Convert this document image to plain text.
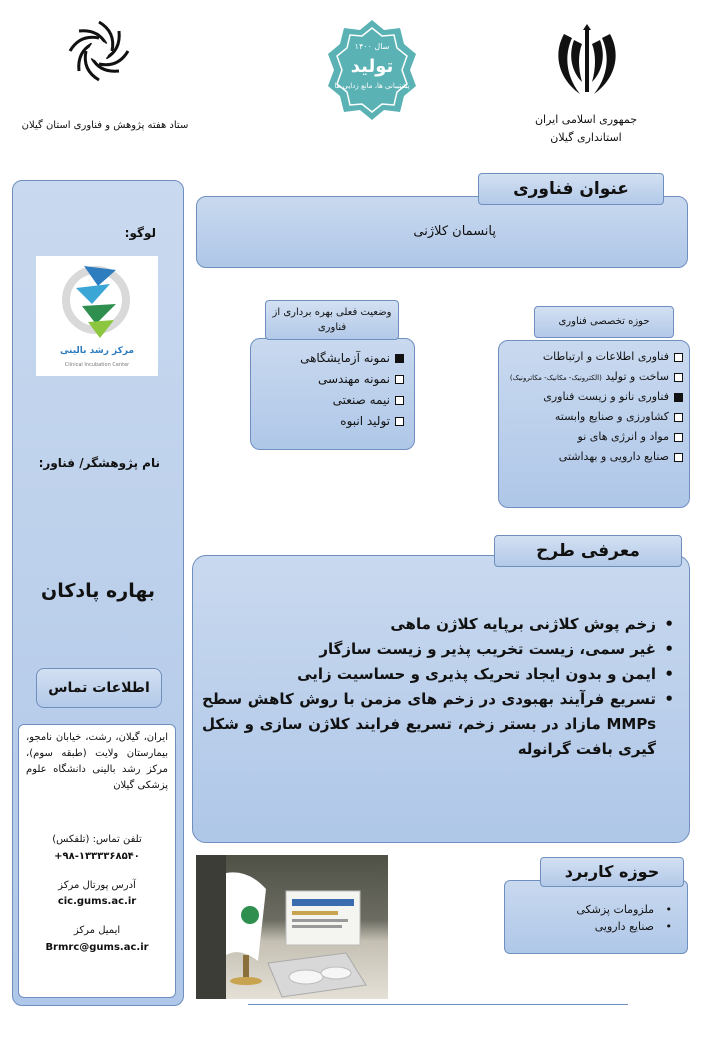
ستاد هفته پژوهش و فناوری استان گیلان
سال ۱۴۰۰
تولید
پشتیبانی ها، مانع زدایی ها
جمهوری اسلامی ایران
استانداری گیلان
لوگو:
مرکز رشد بالینی
Clinical Incubation Center
نام پژوهشگر/ فناور:
بهاره پادکان
اطلاعات تماس
ایران، گیلان، رشت، خیابان نامجو، بیمارستان ولایت (طبقه سوم)، مرکز رشد بالینی دانشگاه علوم پزشکی گیلان
تلفن تماس: (تلفکس)
+۹۸-۱۳۳۳۳۶۸۵۴۰
آدرس پورتال مرکز
cic.gums.ac.ir
ایمیل مرکز
Brmrc@gums.ac.ir
عنوان فناوری
پانسمان کلاژنی
وضعیت فعلی بهره برداری از فناوری
نمونه آزمایشگاهی
نمونه مهندسی
نیمه صنعتی
تولید انبوه
حوزه تخصصی فناوری
فناوری اطلاعات و ارتباطات
ساخت و تولید (الکترونیک- مکانیک- مکاترونیک)
فناوری نانو و زیست فناوری
کشاورزی و صنایع وابسته
مواد و انرژی های نو
صنایع دارویی و بهداشتی
معرفی طرح
• زخم پوش کلاژنی برپایه کلاژن ماهی
• غیر سمی، زیست تخریب پذیر و زیست سازگار
• ایمن و بدون ایجاد تحریک پذیری و حساسیت زایی
• تسریع فرآیند بهبودی در زخم های مزمن با روش کاهش سطح MMPs مازاد در بستر زخم، تسریع فرایند کلاژن سازی و شکل گیری بافت گرانوله
حوزه کاربرد
• ملزومات پزشکی
• صنایع دارویی
